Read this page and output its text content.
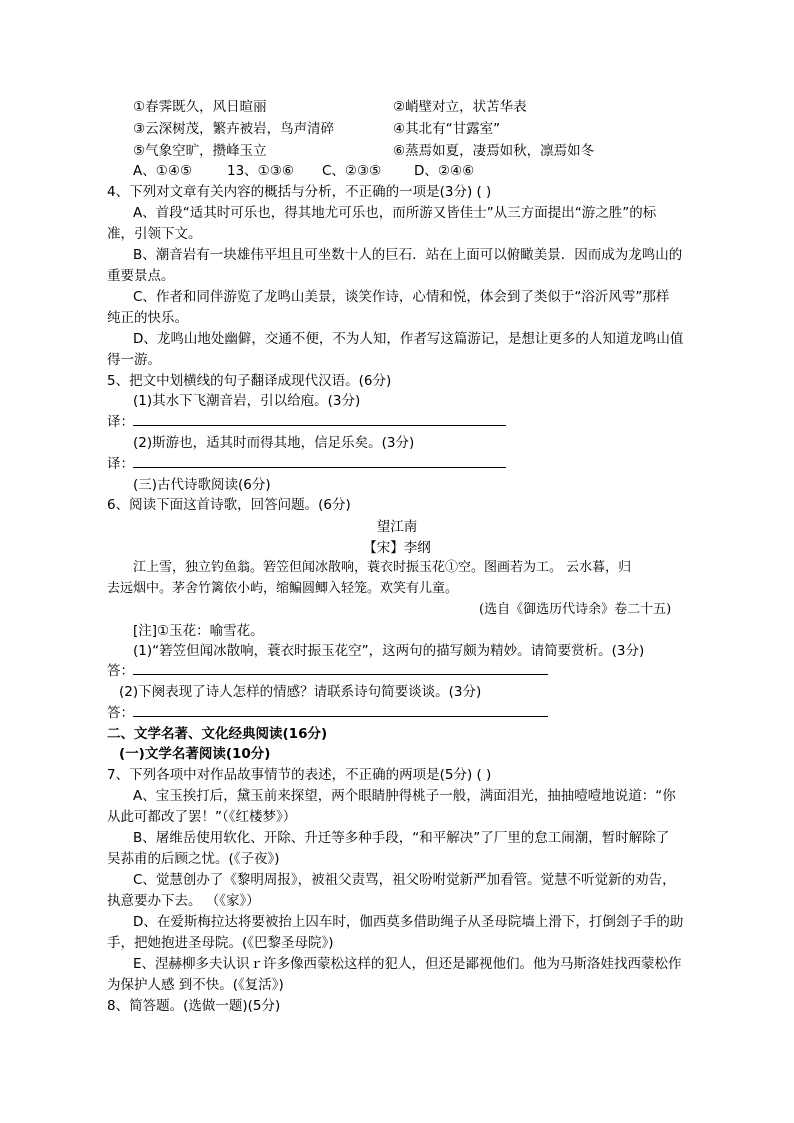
①春霁既久，风日暄丽	②峭壁对立，状苫华表
③云深树茂，繁卉被岩，鸟声清碎	④其北有“甘露室”
⑤气象空旷，攒峰玉立	⑥蒸焉如夏，凄焉如秋，凛焉如冬
A、①④⑤	13、①③⑥ C、②③⑤ D、②④⑥
4、下列对文章有关内容的概括与分析，不正确的一项是(3分) ( )
A、首段“适其时可乐也，得其地尤可乐也，而所游又皆佳士”从三方面提出“游之胜”的标
准，引领下文。
B、潮音岩有一块雄伟平坦且可坐数十人的巨石．站在上面可以俯瞰美景．因而成为龙鸣山的
重要景点。
C、作者和同伴游览了龙鸣山美景，谈笑作诗，心情和悦，体会到了类似于“浴沂风雩”那样
纯正的快乐。
D、龙鸣山地处幽僻，交通不便，不为人知，作者写这篇游记，是想让更多的人知道龙鸣山值
得一游。
5、把文中划横线的句子翻译成现代汉语。(6分)
(1)其水下飞潮音岩，引以给庖。(3分)
译：
(2)斯游也，适其时而得其地，信足乐矣。(3分)
译：
(三)古代诗歌阅读(6分)
6、阅读下面这首诗歌，回答问题。(6分)
望江南
【宋】李纲
江上雪，独立钓鱼翁。箬笠但闻冰散响，蓑衣时振玉花①空。图画若为工。 云水暮，归
去远烟中。茅舍竹篱依小屿，缩鳊圆鲫入轻笼。欢笑有儿童。
(选自《御选历代诗余》卷二十五)
[注]①玉花：喻雪花。
(1)“箬笠但闻冰散响，蓑衣时振玉花空”，这两句的描写颇为精妙。请简要赏析。(3分)
答：
(2)下阕表现了诗人怎样的情感？请联系诗句简要谈谈。(3分)
答：
二、文学名著、文化经典阅读(16分)
(一)文学名著阅读(10分)
7、下列各项中对作品故事情节的表述，不正确的两项是(5分) ( )
A、宝玉挨打后，黛玉前来探望，两个眼睛肿得桃子一般，满面泪光，抽抽噎噎地说道：“你
从此可都改了罢！”（《红楼梦》）
B、屠维岳使用软化、开除、升迁等多种手段，“和平解决”了厂里的怠工闹潮，暂时解除了
吴荪甫的后顾之忧。(《子夜》)
C、觉慧创办了《黎明周报》，被祖父责骂，祖父吩咐觉新严加看管。觉慧不听觉新的劝告，
执意要办下去。 （《家》）
D、在爱斯梅拉达将要被抬上囚车时，伽西莫多借助绳子从圣母院墙上滑下，打倒刽子手的助
手，把她抱进圣母院。(《巴黎圣母院》)
E、涅赫柳多夫认识ｒ许多像西蒙松这样的犯人，但还是鄙视他们。他为马斯洛娃找西蒙松作
为保护人感 到不快。(《复活》)
8、简答题。(选做一题)(5分)
